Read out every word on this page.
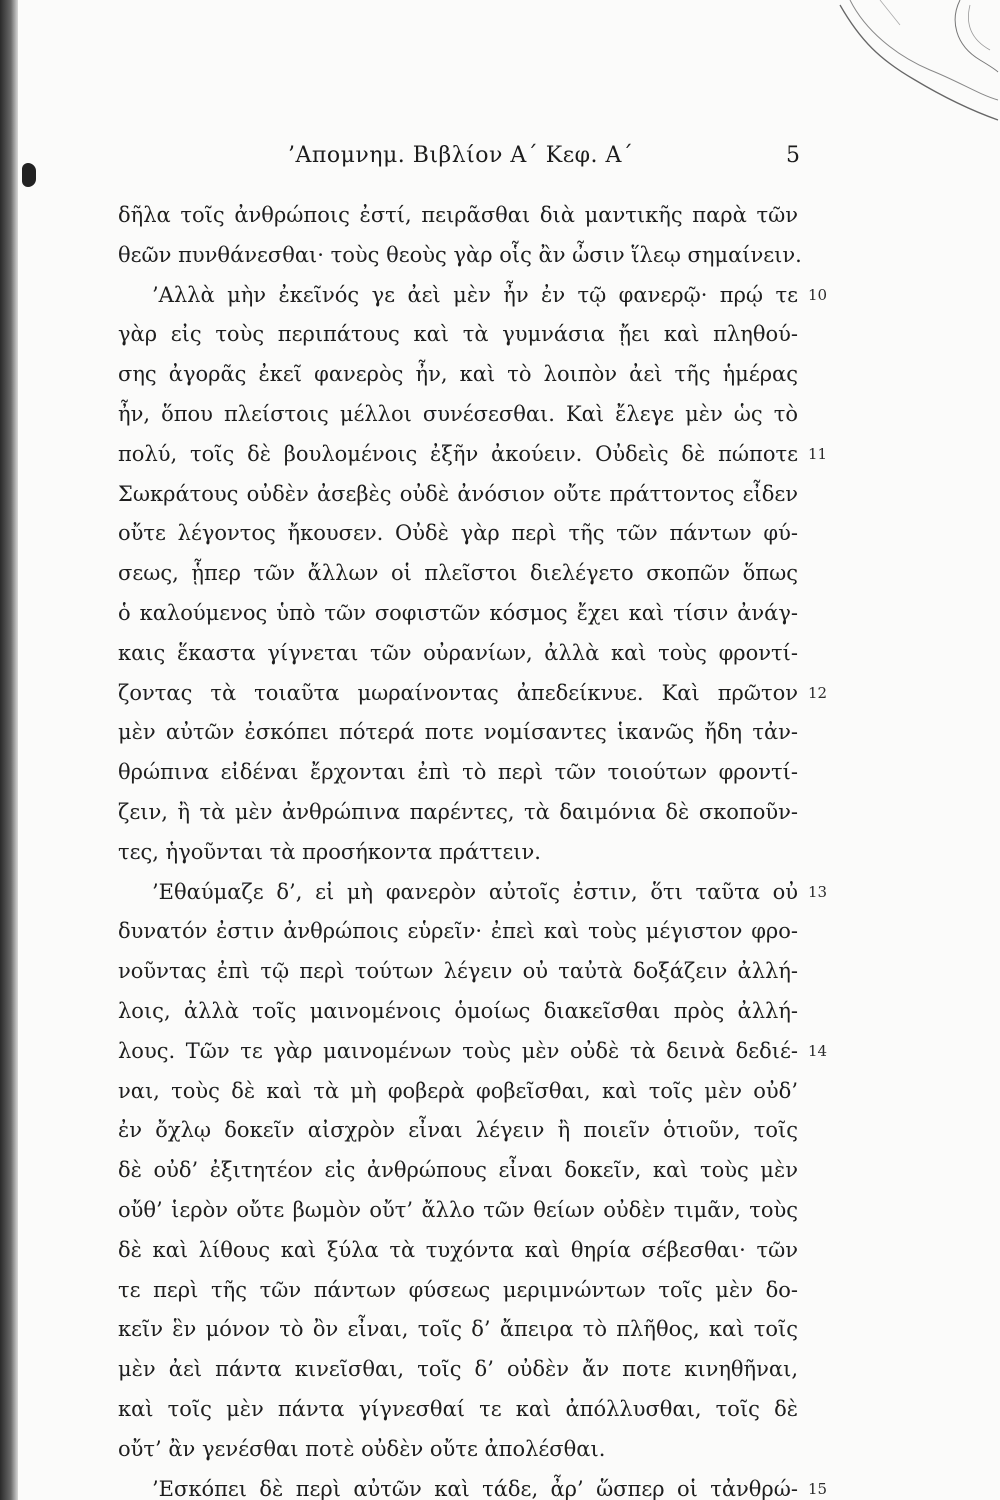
’Απομνημ. Βιβλίον Α΄ Κεφ. Α΄	5
δῆλα τοῖς ἀνθρώποις ἐστί, πειρᾶσθαι διὰ μαντικῆς παρὰ τῶν
θεῶν πυνθάνεσθαι· τοὺς θεοὺς γὰρ οἷς ἂν ὦσιν ἵλεῳ σημαίνειν.
’Αλλὰ μὴν ἐκεῖνός γε ἀεὶ μὲν ἦν ἐν τῷ φανερῷ· πρῴ τε 10
γὰρ εἰς τοὺς περιπάτους καὶ τὰ γυμνάσια ᾔει καὶ πληθού-
σης ἀγορᾶς ἐκεῖ φανερὸς ἦν, καὶ τὸ λοιπὸν ἀεὶ τῆς ἡμέρας
ἦν, ὅπου πλείστοις μέλλοι συνέσεσθαι. Καὶ ἔλεγε μὲν ὡς τὸ
πολύ, τοῖς δὲ βουλομένοις ἐξῆν ἀκούειν. Οὐδεὶς δὲ πώποτε 11
Σωκράτους οὐδὲν ἀσεβὲς οὐδὲ ἀνόσιον οὔτε πράττοντος εἶδεν
οὔτε λέγοντος ἤκουσεν. Οὐδὲ γὰρ περὶ τῆς τῶν πάντων φύ-
σεως, ᾗπερ τῶν ἄλλων οἱ πλεῖστοι διελέγετο σκοπῶν ὅπως
ὁ καλούμενος ὑπὸ τῶν σοφιστῶν κόσμος ἔχει καὶ τίσιν ἀνάγ-
καις ἕκαστα γίγνεται τῶν οὐρανίων, ἀλλὰ καὶ τοὺς φροντί-
ζοντας τὰ τοιαῦτα μωραίνοντας ἀπεδείκνυε. Καὶ πρῶτον 12
μὲν αὐτῶν ἐσκόπει πότερά ποτε νομίσαντες ἱκανῶς ἤδη τἀν-
θρώπινα εἰδέναι ἔρχονται ἐπὶ τὸ περὶ τῶν τοιούτων φροντί-
ζειν, ἢ τὰ μὲν ἀνθρώπινα παρέντες, τὰ δαιμόνια δὲ σκοποῦν-
τες, ἡγοῦνται τὰ προσήκοντα πράττειν.
’Εθαύμαζε δ’, εἰ μὴ φανερὸν αὐτοῖς ἐστιν, ὅτι ταῦτα οὐ 13
δυνατόν ἐστιν ἀνθρώποις εὑρεῖν· ἐπεὶ καὶ τοὺς μέγιστον φρο-
νοῦντας ἐπὶ τῷ περὶ τούτων λέγειν οὐ ταὐτὰ δοξάζειν ἀλλή-
λοις, ἀλλὰ τοῖς μαινομένοις ὁμοίως διακεῖσθαι πρὸς ἀλλή-
λους. Τῶν τε γὰρ μαινομένων τοὺς μὲν οὐδὲ τὰ δεινὰ δεδιέ- 14
ναι, τοὺς δὲ καὶ τὰ μὴ φοβερὰ φοβεῖσθαι, καὶ τοῖς μὲν οὐδ’
ἐν ὄχλῳ δοκεῖν αἰσχρὸν εἶναι λέγειν ἢ ποιεῖν ὁτιοῦν, τοῖς
δὲ οὐδ’ ἐξιτητέον εἰς ἀνθρώπους εἶναι δοκεῖν, καὶ τοὺς μὲν
οὔθ’ ἱερὸν οὔτε βωμὸν οὔτ’ ἄλλο τῶν θείων οὐδὲν τιμᾶν, τοὺς
δὲ καὶ λίθους καὶ ξύλα τὰ τυχόντα καὶ θηρία σέβεσθαι· τῶν
τε περὶ τῆς τῶν πάντων φύσεως μεριμνώντων τοῖς μὲν δο-
κεῖν ἓν μόνον τὸ ὂν εἶναι, τοῖς δ’ ἄπειρα τὸ πλῆθος, καὶ τοῖς
μὲν ἀεὶ πάντα κινεῖσθαι, τοῖς δ’ οὐδὲν ἄν ποτε κινηθῆναι,
καὶ τοῖς μὲν πάντα γίγνεσθαί τε καὶ ἀπόλλυσθαι, τοῖς δὲ
οὔτ’ ἂν γενέσθαι ποτὲ οὐδὲν οὔτε ἀπολέσθαι.
’Εσκόπει δὲ περὶ αὐτῶν καὶ τάδε, ἆρ’ ὥσπερ οἱ τἀνθρώ- 15
